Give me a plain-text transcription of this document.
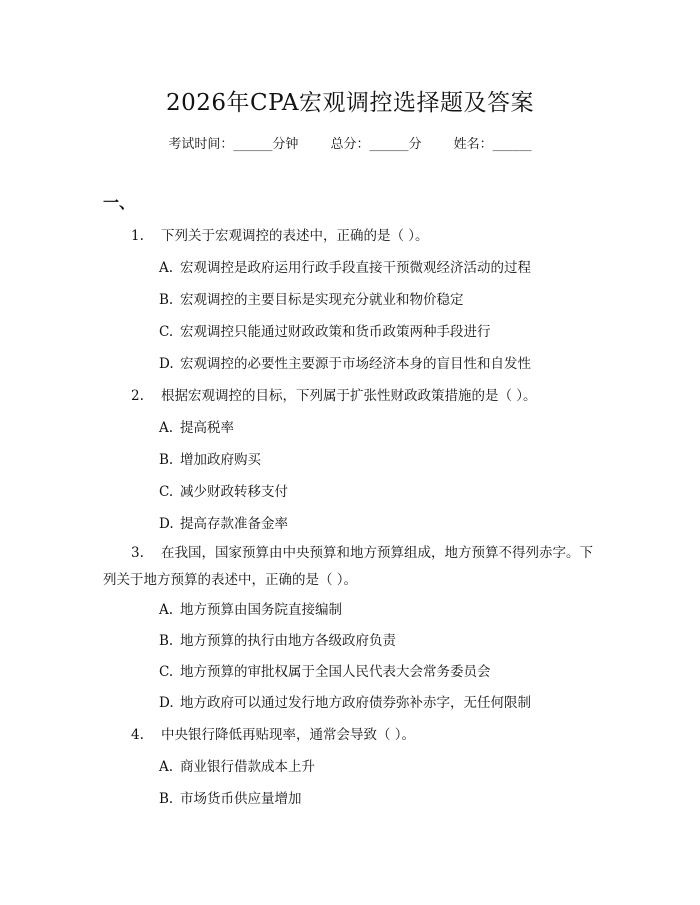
2026年CPA宏观调控选择题及答案
考试时间：______分钟 总分：______分 姓名：______
一、
1. 下列关于宏观调控的表述中，正确的是（ ）。
A. 宏观调控是政府运用行政手段直接干预微观经济活动的过程
B. 宏观调控的主要目标是实现充分就业和物价稳定
C. 宏观调控只能通过财政政策和货币政策两种手段进行
D. 宏观调控的必要性主要源于市场经济本身的盲目性和自发性
2. 根据宏观调控的目标，下列属于扩张性财政政策措施的是（ ）。
A. 提高税率
B. 增加政府购买
C. 减少财政转移支付
D. 提高存款准备金率
3. 在我国，国家预算由中央预算和地方预算组成，地方预算不得列赤字。下
列关于地方预算的表述中，正确的是（ ）。
A. 地方预算由国务院直接编制
B. 地方预算的执行由地方各级政府负责
C. 地方预算的审批权属于全国人民代表大会常务委员会
D. 地方政府可以通过发行地方政府债券弥补赤字，无任何限制
4. 中央银行降低再贴现率，通常会导致（ ）。
A. 商业银行借款成本上升
B. 市场货币供应量增加
